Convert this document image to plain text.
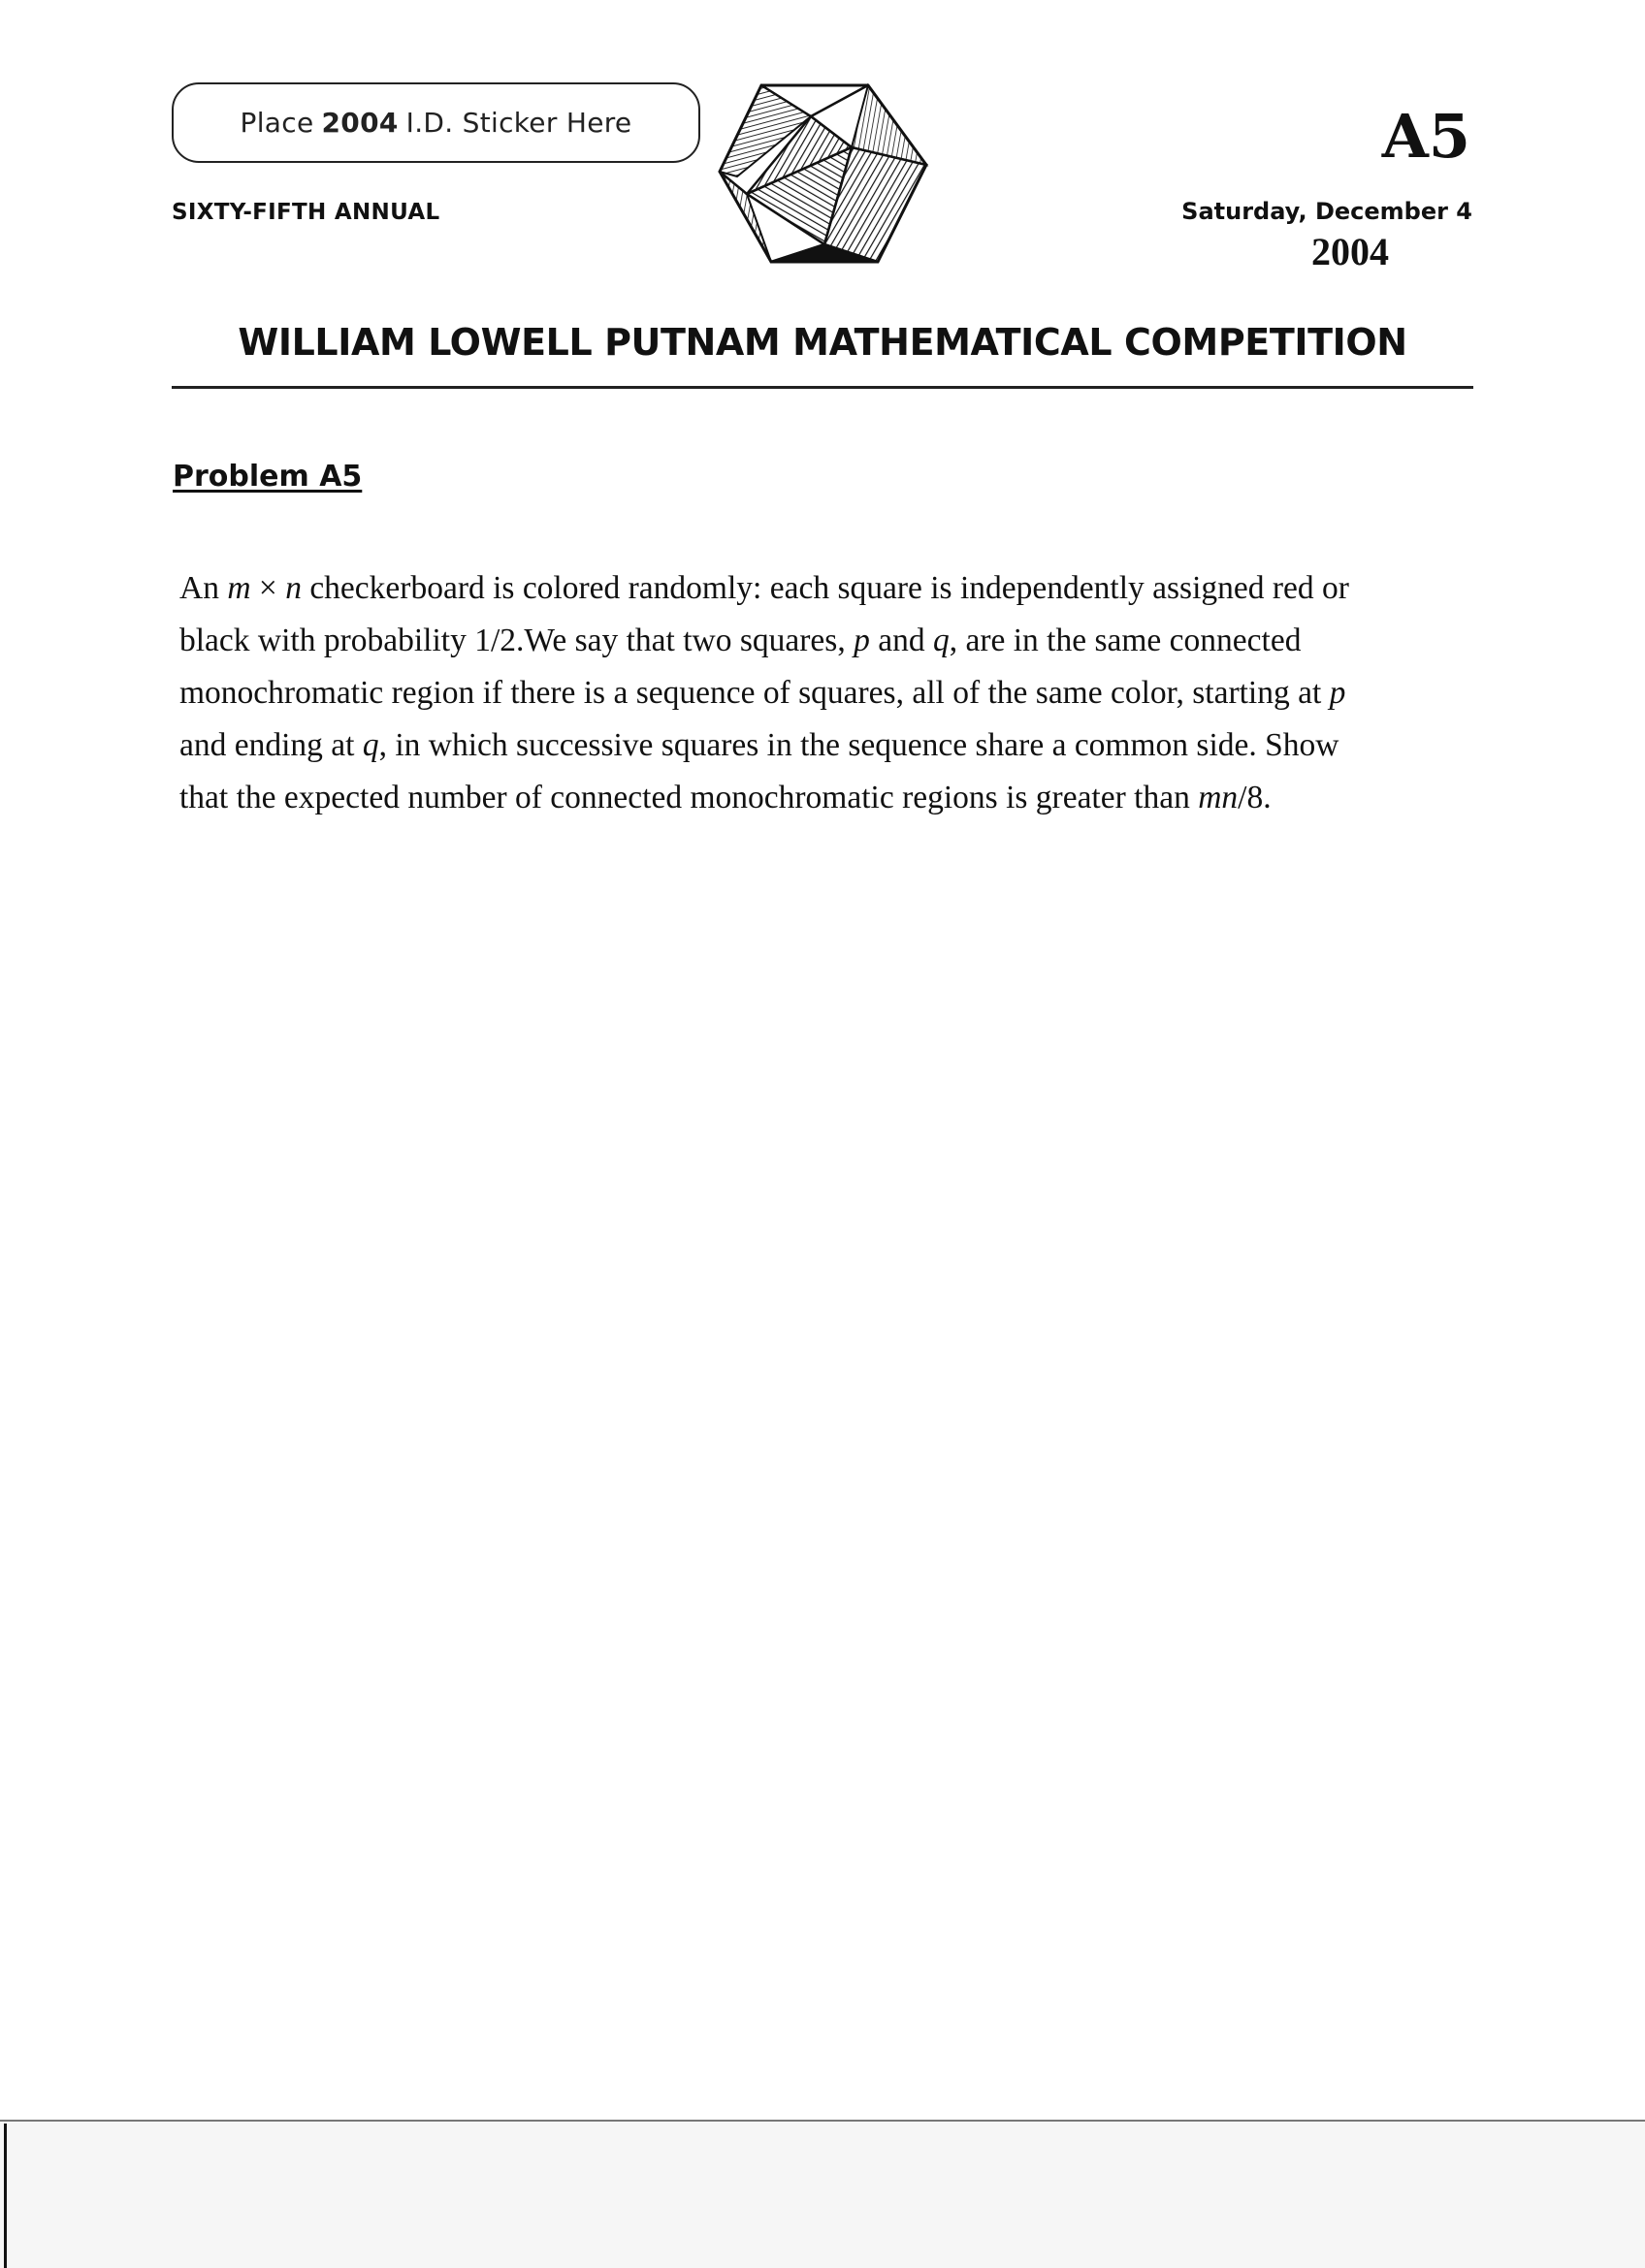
Place 2004 I.D. Sticker Here
SIXTY-FIFTH ANNUAL
A5
Saturday, December 4
2004
WILLIAM LOWELL PUTNAM MATHEMATICAL COMPETITION
Problem A5
An m × n checkerboard is colored randomly: each square is independently assigned red or
black with probability 1/2.We say that two squares, p and q, are in the same connected
monochromatic region if there is a sequence of squares, all of the same color, starting at p
and ending at q, in which successive squares in the sequence share a common side. Show
that the expected number of connected monochromatic regions is greater than mn/8.
